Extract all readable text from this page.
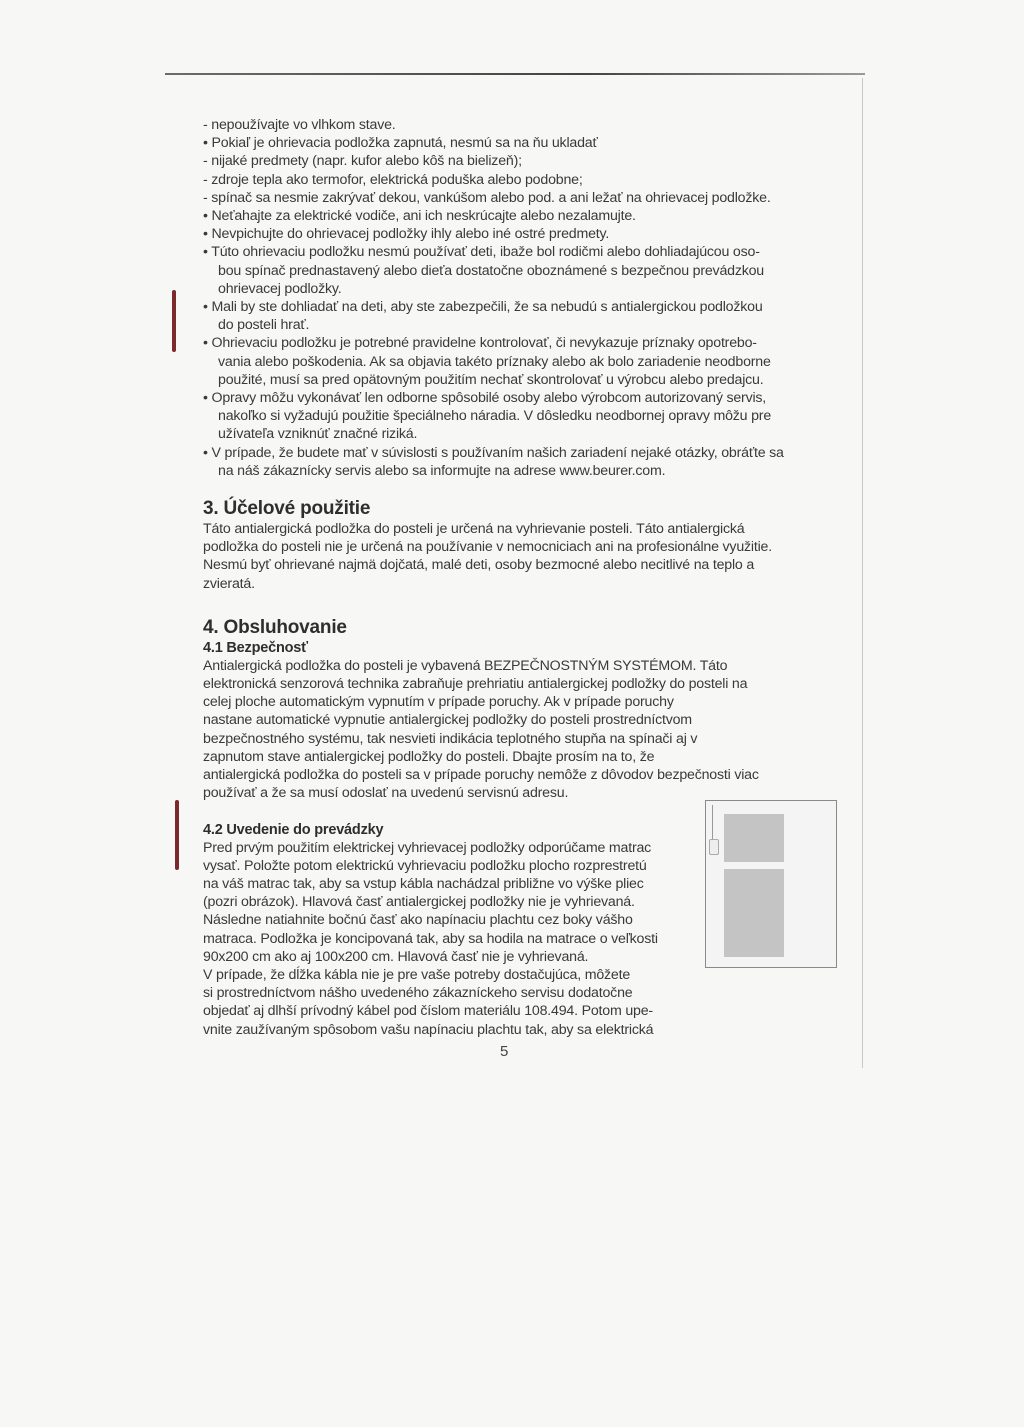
- nepoužívajte vo vlhkom stave.
• Pokiaľ je ohrievacia podložka zapnutá, nesmú sa na ňu ukladať
- nijaké predmety (napr. kufor alebo kôš na bielizeň);
- zdroje tepla ako termofor, elektrická poduška alebo podobne;
- spínač sa nesmie zakrývať dekou, vankúšom alebo pod. a ani ležať na ohrievacej podložke.
• Neťahajte za elektrické vodiče, ani ich neskrúcajte alebo nezalamujte.
• Nevpichujte do ohrievacej podložky ihly alebo iné ostré predmety.
• Túto ohrievaciu podložku nesmú používať deti, ibaže bol rodičmi alebo dohliadajúcou oso-
bou spínač prednastavený alebo dieťa dostatočne oboznámené s bezpečnou prevádzkou
ohrievacej podložky.
• Mali by ste dohliadať na deti, aby ste zabezpečili, že sa nebudú s antialergickou podložkou
do posteli hrať.
• Ohrievaciu podložku je potrebné pravidelne kontrolovať, či nevykazuje príznaky opotrebo-
vania alebo poškodenia. Ak sa objavia takéto príznaky alebo ak bolo zariadenie neodborne
použité, musí sa pred opätovným použitím nechať skontrolovať u výrobcu alebo predajcu.
• Opravy môžu vykonávať len odborne spôsobilé osoby alebo výrobcom autorizovaný servis,
nakoľko si vyžadujú použitie špeciálneho náradia. V dôsledku neodbornej opravy môžu pre
užívateľa vzniknúť značné riziká.
• V prípade, že budete mať v súvislosti s používaním našich zariadení nejaké otázky, obráťte sa
na náš zákaznícky servis alebo sa informujte na adrese www.beurer.com.
3. Účelové použitie
Táto antialergická podložka do posteli je určená na vyhrievanie posteli. Táto antialergická
podložka do posteli nie je určená na používanie v nemocniciach ani na profesionálne využitie.
Nesmú byť ohrievané najmä dojčatá, malé deti, osoby bezmocné alebo necitlivé na teplo a
zvieratá.
4. Obsluhovanie
4.1 Bezpečnosť
Antialergická podložka do posteli je vybavená BEZPEČNOSTNÝM SYSTÉMOM. Táto
elektronická senzorová technika zabraňuje prehriatiu antialergickej podložky do posteli na
celej ploche automatickým vypnutím v prípade poruchy. Ak v prípade poruchy
nastane automatické vypnutie antialergickej podložky do posteli prostredníctvom
bezpečnostného systému, tak nesvieti indikácia teplotného stupňa na spínači aj v
zapnutom stave antialergickej podložky do posteli. Dbajte prosím na to, že
antialergická podložka do posteli sa v prípade poruchy nemôže z dôvodov bezpečnosti viac
používať a že sa musí odoslať na uvedenú servisnú adresu.
4.2 Uvedenie do prevádzky
Pred prvým použitím elektrickej vyhrievacej podložky odporúčame matrac
vysať. Položte potom elektrickú vyhrievaciu podložku plocho rozprestretú
na váš matrac tak, aby sa vstup kábla nachádzal približne vo výške pliec
(pozri obrázok). Hlavová časť antialergickej podložky nie je vyhrievaná.
Následne natiahnite bočnú časť ako napínaciu plachtu cez boky vášho
matraca. Podložka je koncipovaná tak, aby sa hodila na matrace o veľkosti
90x200 cm ako aj 100x200 cm. Hlavová časť nie je vyhrievaná.
V prípade, že dĺžka kábla nie je pre vaše potreby dostačujúca, môžete
si prostredníctvom nášho uvedeného zákazníckeho servisu dodatočne
objedať aj dlhší prívodný kábel pod číslom materiálu 108.494. Potom upe-
vnite zaužívaným spôsobom vašu napínaciu plachtu tak, aby sa elektrická
5
